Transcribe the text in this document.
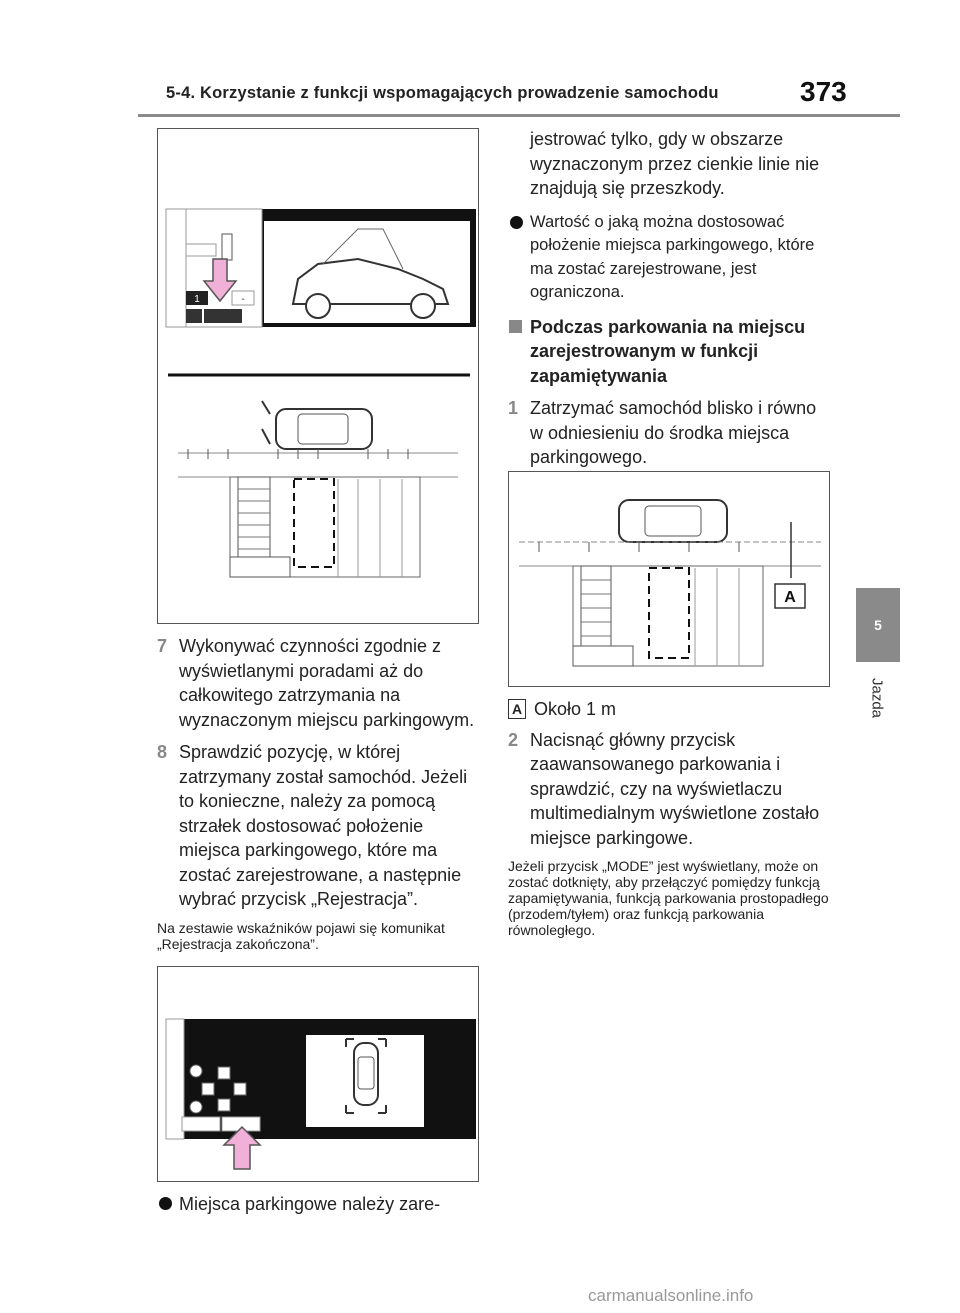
5-4. Korzystanie z funkcji wspomagających prowadzenie samochodu	373
5
Jazda
1	-
7 Wykonywać czynności zgodnie z wyświetlanymi poradami aż do całkowitego zatrzymania na wyznaczonym miejscu parkingowym.
8 Sprawdzić pozycję, w której zatrzymany został samochód. Jeżeli to konieczne, należy za pomocą strzałek dostosować położenie miejsca parkingowego, które ma zostać zarejestrowane, a następnie wybrać przycisk „Rejestracja”.
Na zestawie wskaźników pojawi się komunikat „Rejestracja zakończona”.
Miejsca parkingowe należy zare-
jestrować tylko, gdy w obszarze wyznaczonym przez cienkie linie nie znajdują się przeszkody.
Wartość o jaką można dostosować położenie miejsca parkingowego, które ma zostać zarejestrowane, jest ograniczona.
Podczas parkowania na miejscu zarejestrowanym w funkcji zapamiętywania
1 Zatrzymać samochód blisko i równo w odniesieniu do środka miejsca parkingowego.
A
A Około 1 m
2 Nacisnąć główny przycisk zaawansowanego parkowania i sprawdzić, czy na wyświetlaczu multimedialnym wyświetlone zostało miejsce parkingowe.
Jeżeli przycisk „MODE” jest wyświetlany, może on zostać dotknięty, aby przełączyć pomiędzy funkcją zapamiętywania, funkcją parkowania prostopadłego (przodem/tyłem) oraz funkcją parkowania równoległego.
carmanualsonline.info
